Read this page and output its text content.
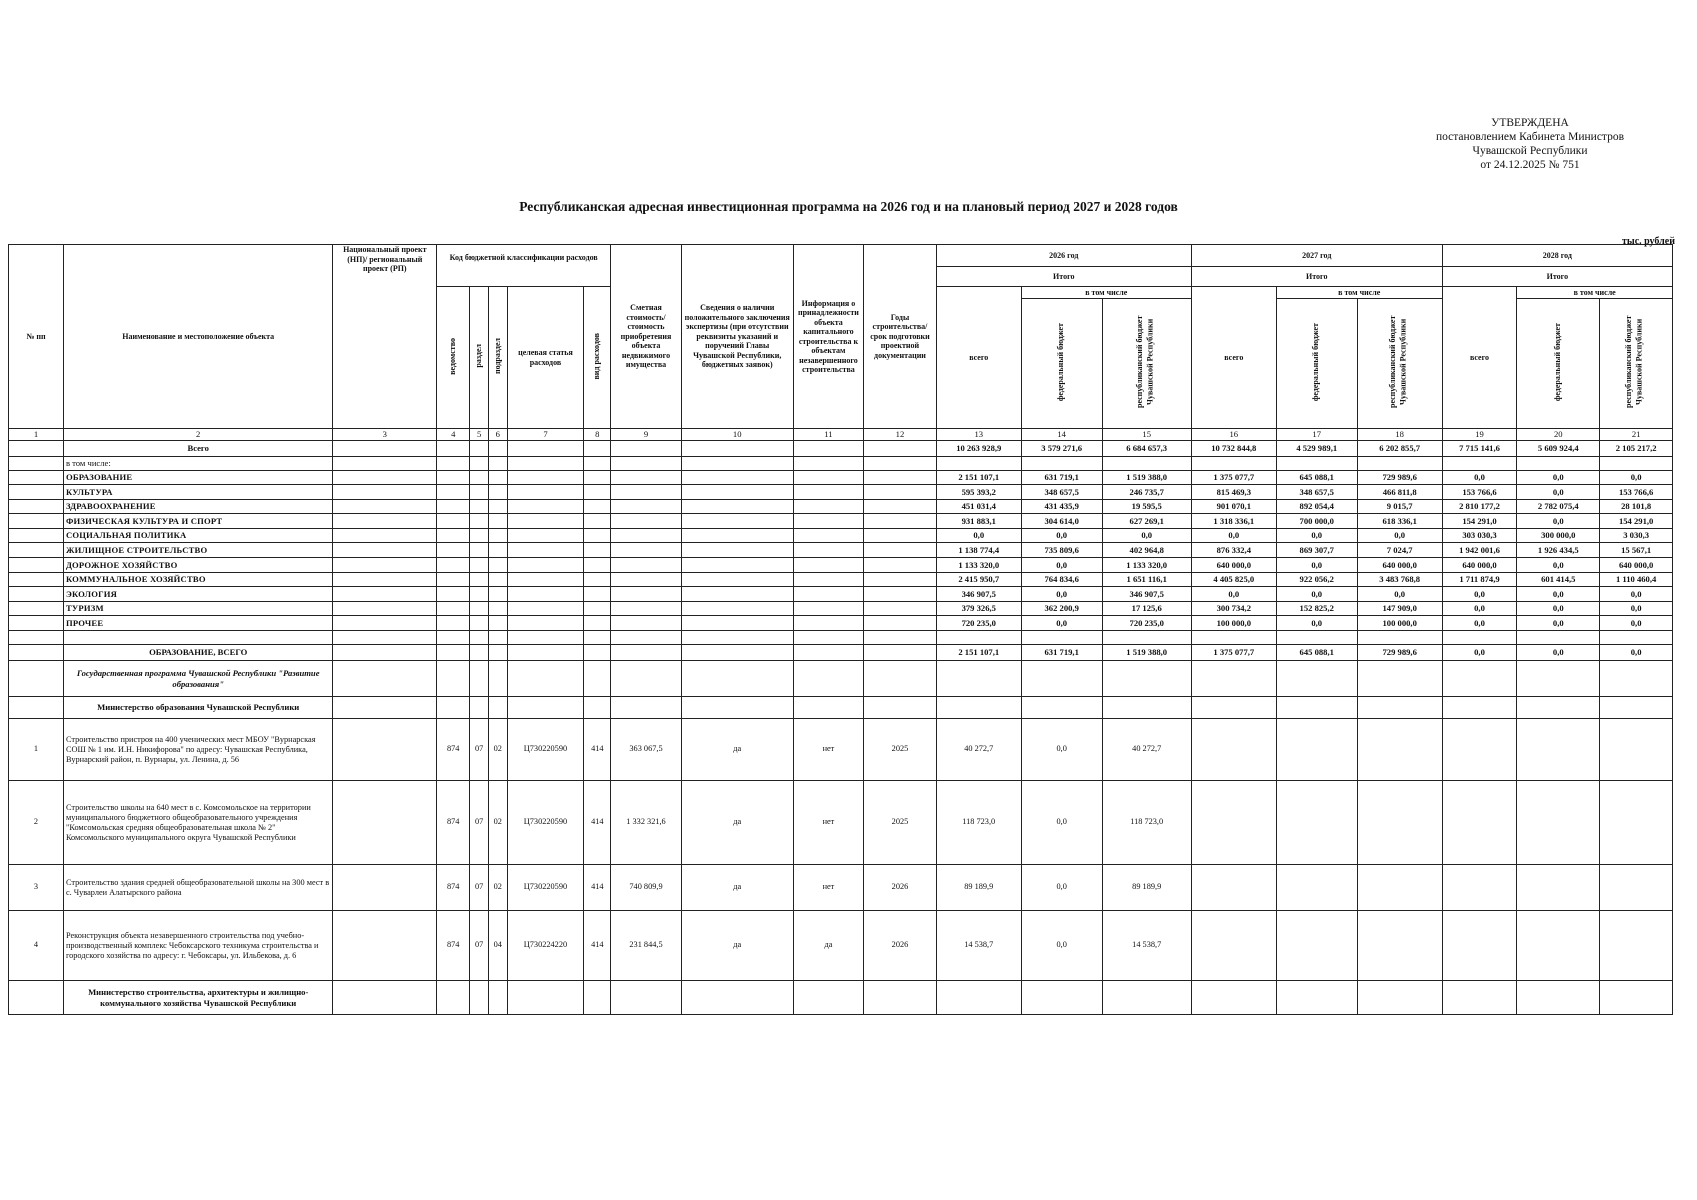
УТВЕРЖДЕНА
постановлением Кабинета Министров
Чувашской Республики
от 24.12.2025 № 751
Республиканская адресная инвестиционная программа на 2026 год и на плановый период 2027 и 2028 годов
тыс. рублей
№ пп	Наименование и местоположение объекта	Национальный проект (НП)/ региональный проект (РП)	Код бюджетной классификации расходов					Сметная стоимость/ стоимость приобретения объекта недвижимого имущества	Сведения о наличии положительного заключения экспертизы (при отсутствии реквизиты указаний и поручений Главы Чувашской Республики, бюджетных заявок)	Информация о принадлежности объекта капитального строительства к объектам незавершенного строительства	Годы строительства/срок подготовки проектной документации	2026 год			2027 год			2028 год		
												Итого			Итого			Итого		
			ведомство	раздел	подраздел	целевая статья расходов	вид расходов					всего	в том числе		всего	в том числе		всего	в том числе	
													федеральный бюджет	республиканский бюджет Чувашской Республики		федеральный бюджет	республиканский бюджет Чувашской Республики		федеральный бюджет	республиканский бюджет Чувашской Республики
1	2	3	4	5	6	7	8	9	10	11	12	13	14	15	16	17	18	19	20	21
	Всего											10 263 928,9	3 579 271,6	6 684 657,3	10 732 844,8	4 529 989,1	6 202 855,7	7 715 141,6	5 609 924,4	2 105 217,2
	в том числе:																			
	ОБРАЗОВАНИЕ											2 151 107,1	631 719,1	1 519 388,0	1 375 077,7	645 088,1	729 989,6	0,0	0,0	0,0
	КУЛЬТУРА											595 393,2	348 657,5	246 735,7	815 469,3	348 657,5	466 811,8	153 766,6	0,0	153 766,6
	ЗДРАВООХРАНЕНИЕ											451 031,4	431 435,9	19 595,5	901 070,1	892 054,4	9 015,7	2 810 177,2	2 782 075,4	28 101,8
	ФИЗИЧЕСКАЯ КУЛЬТУРА И СПОРТ											931 883,1	304 614,0	627 269,1	1 318 336,1	700 000,0	618 336,1	154 291,0	0,0	154 291,0
	СОЦИАЛЬНАЯ ПОЛИТИКА											0,0	0,0	0,0	0,0	0,0	0,0	303 030,3	300 000,0	3 030,3
	ЖИЛИЩНОЕ СТРОИТЕЛЬСТВО											1 138 774,4	735 809,6	402 964,8	876 332,4	869 307,7	7 024,7	1 942 001,6	1 926 434,5	15 567,1
	ДОРОЖНОЕ ХОЗЯЙСТВО											1 133 320,0	0,0	1 133 320,0	640 000,0	0,0	640 000,0	640 000,0	0,0	640 000,0
	КОММУНАЛЬНОЕ ХОЗЯЙСТВО											2 415 950,7	764 834,6	1 651 116,1	4 405 825,0	922 056,2	3 483 768,8	1 711 874,9	601 414,5	1 110 460,4
	ЭКОЛОГИЯ											346 907,5	0,0	346 907,5	0,0	0,0	0,0	0,0	0,0	0,0
	ТУРИЗМ											379 326,5	362 200,9	17 125,6	300 734,2	152 825,2	147 909,0	0,0	0,0	0,0
	ПРОЧЕЕ											720 235,0	0,0	720 235,0	100 000,0	0,0	100 000,0	0,0	0,0	0,0

	ОБРАЗОВАНИЕ, ВСЕГО											2 151 107,1	631 719,1	1 519 388,0	1 375 077,7	645 088,1	729 989,6	0,0	0,0	0,0
	Государственная программа Чувашской Республики "Развитие образования"																			
	Министерство образования Чувашской Республики																			
1	Строительство пристроя на 400 ученических мест МБОУ "Вурнарская СОШ № 1 им. И.Н. Никифорова" по адресу: Чувашская Республика, Вурнарский район, п. Вурнары, ул. Ленина, д. 56		874	07	02	Ц730220590	414	363 067,5	да	нет	2025	40 272,7	0,0	40 272,7						
2	Строительство школы на 640 мест в с. Комсомольское на территории муниципального бюджетного общеобразовательного учреждения "Комсомольская средняя общеобразовательная школа № 2" Комсомольского муниципального округа Чувашской Республики		874	07	02	Ц730220590	414	1 332 321,6	да	нет	2025	118 723,0	0,0	118 723,0						
3	Строительство здания средней общеобразовательной школы на 300 мест в с. Чуварлеи Алатырского района		874	07	02	Ц730220590	414	740 809,9	да	нет	2026	89 189,9	0,0	89 189,9						
4	Реконструкция объекта незавершенного строительства под учебно-производственный комплекс Чебоксарского техникума строительства и городского хозяйства по адресу: г. Чебоксары, ул. Ильбекова, д. 6		874	07	04	Ц730224220	414	231 844,5	да	да	2026	14 538,7	0,0	14 538,7						
	Министерство строительства, архитектуры и жилищно-коммунального хозяйства Чувашской Республики																			
